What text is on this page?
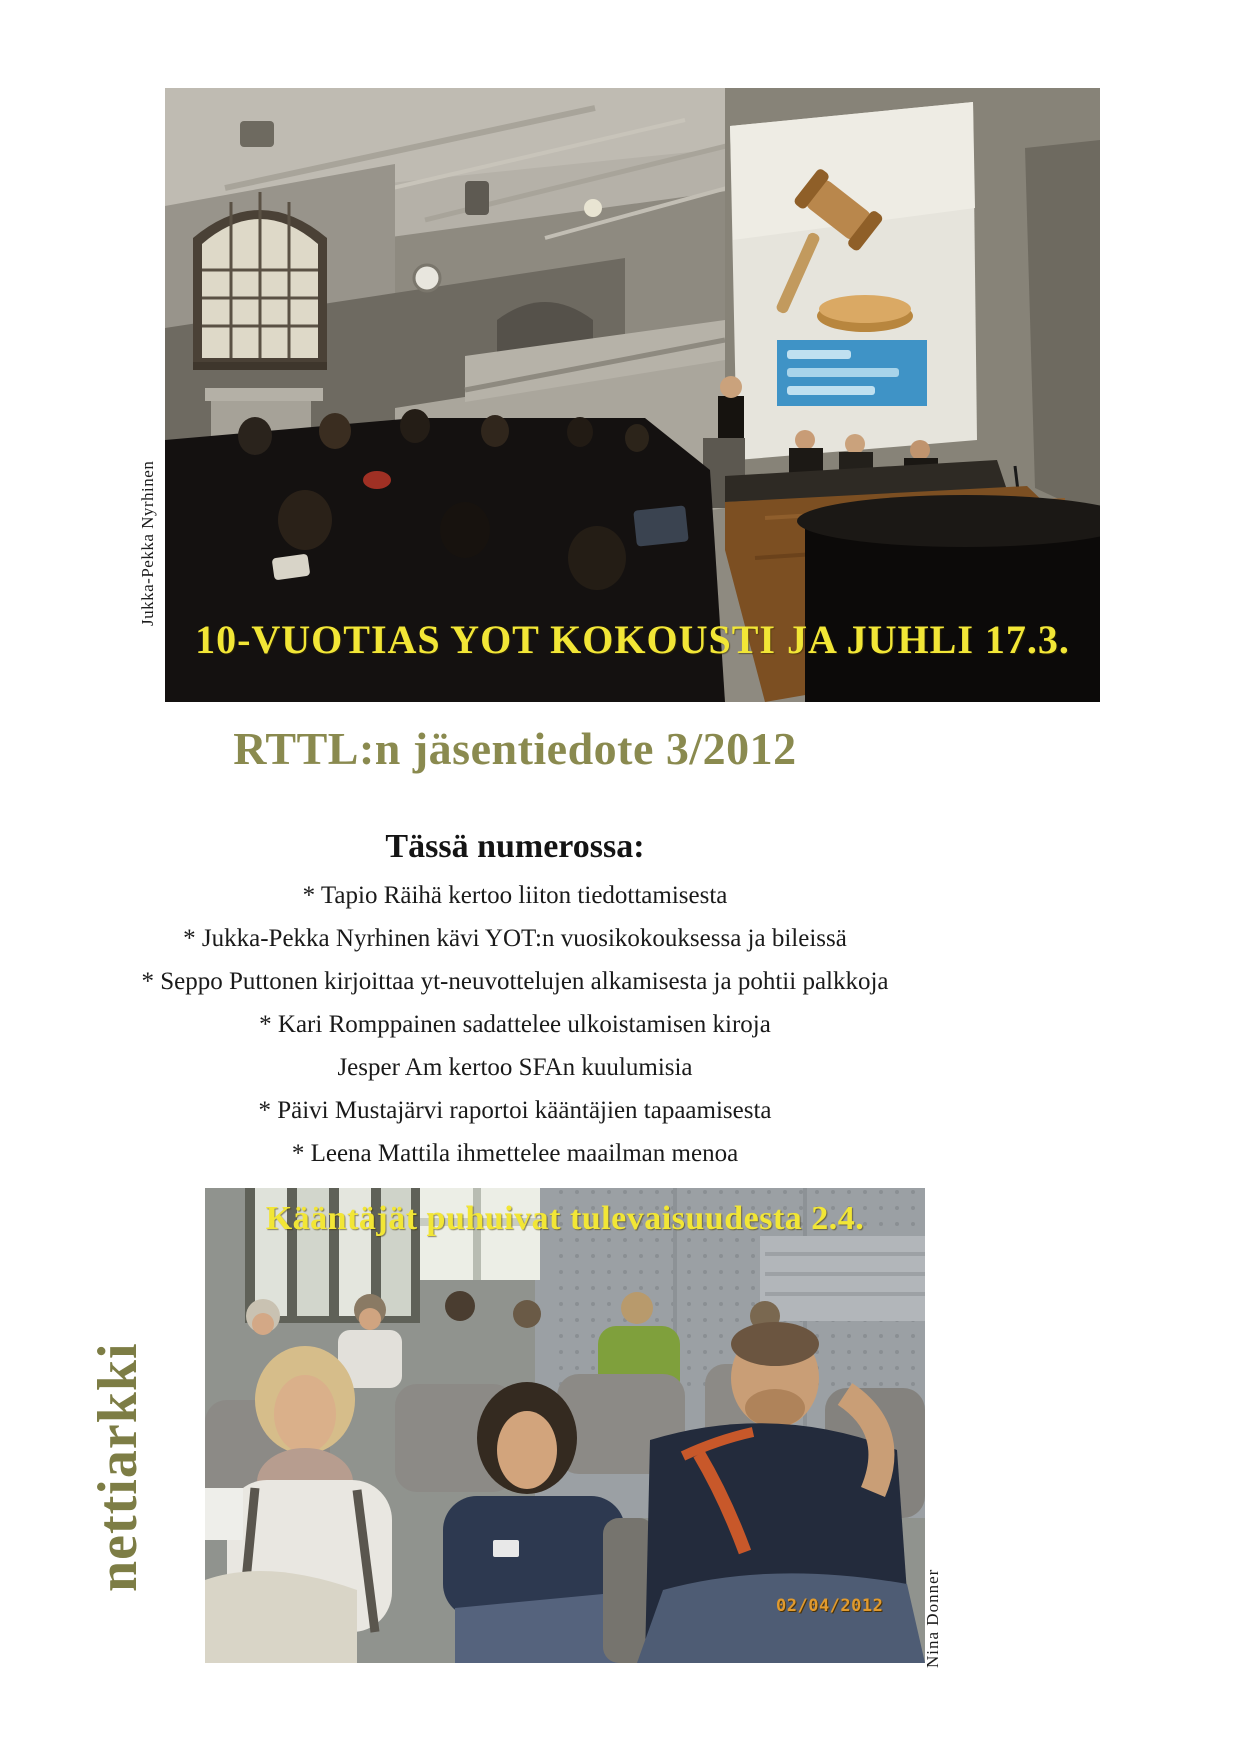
10-VUOTIAS YOT KOKOUSTI JA JUHLI 17.3.
Jukka-Pekka Nyrhinen
RTTL:n jäsentiedote 3/2012
Tässä numerossa:
* Tapio Räihä kertoo liiton tiedottamisesta
* Jukka-Pekka Nyrhinen kävi YOT:n vuosikokouksessa ja bileissä
* Seppo Puttonen kirjoittaa yt-neuvottelujen alkamisesta ja pohtii palkkoja
* Kari Romppainen sadattelee ulkoistamisen kiroja
Jesper Am kertoo SFAn kuulumisia
* Päivi Mustajärvi raportoi kääntäjien tapaamisesta
* Leena Mattila ihmettelee maailman menoa
Kääntäjät puhuivat tulevaisuudesta 2.4.
02/04/2012
nettiarkki
Nina Donner
